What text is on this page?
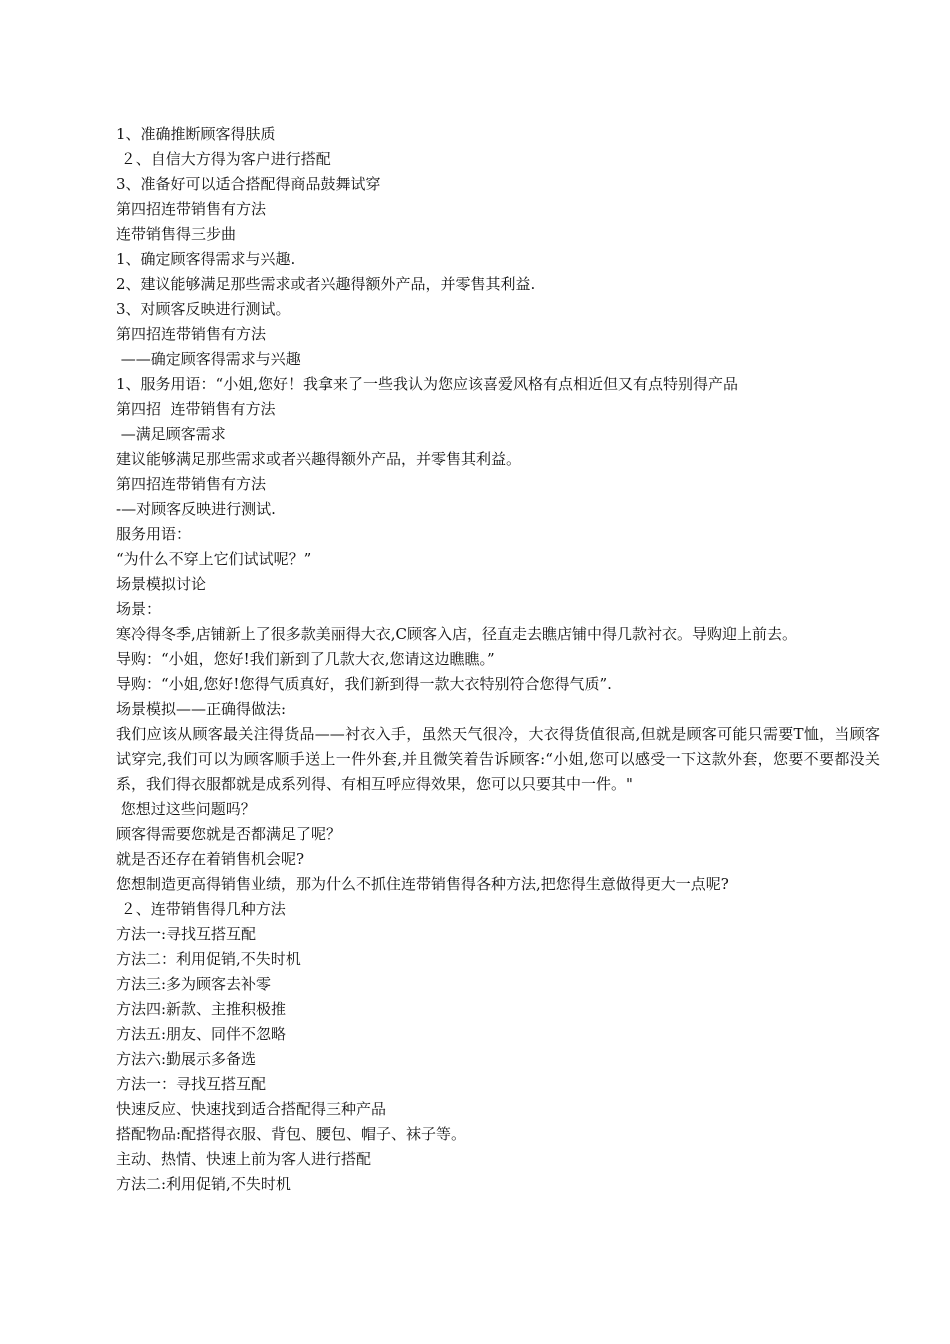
1、准确推断顾客得肤质
２、自信大方得为客户进行搭配
3、准备好可以适合搭配得商品鼓舞试穿
第四招连带销售有方法
连带销售得三步曲
1、确定顾客得需求与兴趣.
2、建议能够满足那些需求或者兴趣得额外产品，并零售其利益.
3、对顾客反映进行测试。
第四招连带销售有方法
——确定顾客得需求与兴趣
1、服务用语：“小姐,您好！我拿来了一些我认为您应该喜爱风格有点相近但又有点特别得产品
第四招  连带销售有方法
—满足顾客需求
建议能够满足那些需求或者兴趣得额外产品，并零售其利益。
第四招连带销售有方法
-—对顾客反映进行测试.
服务用语：
“为什么不穿上它们试试呢？”
场景模拟讨论
场景：
寒冷得冬季,店铺新上了很多款美丽得大衣,C顾客入店，径直走去瞧店铺中得几款衬衣。导购迎上前去。
导购：“小姐，您好!我们新到了几款大衣,您请这边瞧瞧。”
导购：“小姐,您好!您得气质真好，我们新到得一款大衣特别符合您得气质”.
场景模拟——正确得做法:

我们应该从顾客最关注得货品——衬衣入手，虽然天气很冷，大衣得货值很高,但就是顾客可能只需要T恤，当顾客试穿完,我们可以为顾客顺手送上一件外套,并且微笑着告诉顾客:“小姐,您可以感受一下这款外套，您要不要都没关系，我们得衣服都就是成系列得、有相互呼应得效果，您可以只要其中一件。"

您想过这些问题吗？
顾客得需要您就是否都满足了呢？
就是否还存在着销售机会呢?
您想制造更高得销售业绩，那为什么不抓住连带销售得各种方法,把您得生意做得更大一点呢?
２、连带销售得几种方法
方法一:寻找互搭互配
方法二：利用促销,不失时机
方法三:多为顾客去补零
方法四:新款、主推积极推
方法五:朋友、同伴不忽略
方法六:勤展示多备选
方法一：寻找互搭互配
快速反应、快速找到适合搭配得三种产品
搭配物品:配搭得衣服、背包、腰包、帽子、袜子等。
主动、热情、快速上前为客人进行搭配
方法二:利用促销,不失时机
